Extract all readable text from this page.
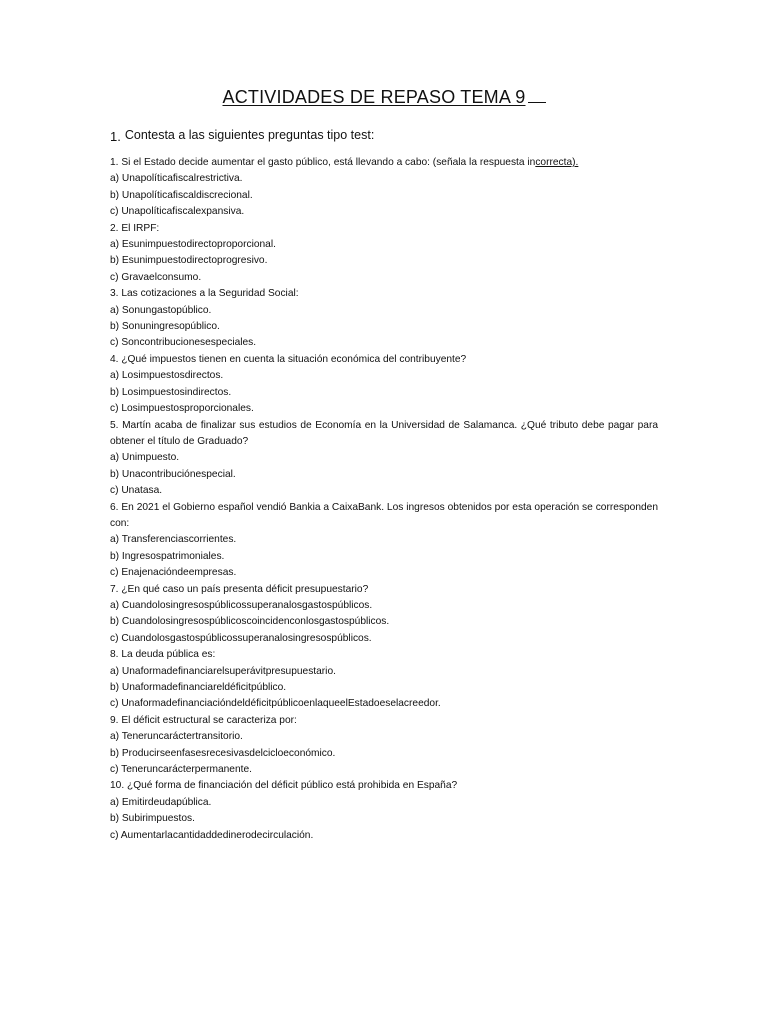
ACTIVIDADES DE REPASO TEMA 9
1. Contesta a las siguientes preguntas tipo test:
1. Si el Estado decide aumentar el gasto público, está llevando a cabo: (señala la respuesta incorrecta).
a) Unapolíticafiscalrestrictiva.
b) Unapolíticafiscaldiscrecional.
c) Unapolíticafiscalexpansiva.
2. El IRPF:
a) Esunimpuestodirectoproporcional.
b) Esunimpuestodirectoprogresivo.
c) Gravaelconsumo.
3. Las cotizaciones a la Seguridad Social:
a) Sonungastopúblico.
b) Sonuningresopúblico.
c) Soncontribucionesespeciales.
4. ¿Qué impuestos tienen en cuenta la situación económica del contribuyente?
a) Losimpuestosdirectos.
b) Losimpuestosindirectos.
c) Losimpuestosproporcionales.
5. Martín acaba de finalizar sus estudios de Economía en la Universidad de Salamanca. ¿Qué tributo debe pagar para obtener el título de Graduado?
a) Unimpuesto.
b) Unacontribuciónespecial.
c) Unatasa.
6. En 2021 el Gobierno español vendió Bankia a CaixaBank. Los ingresos obtenidos por esta operación se corresponden con:
a) Transferenciascorrientes.
b) Ingresospatrimoniales.
c) Enajenacióndeempresas.
7. ¿En qué caso un país presenta déficit presupuestario?
a) Cuandolosingresospúblicossuperanalosgastospúblicos.
b) Cuandolosingresospúblicoscoincidenconlosgastospúblicos.
c) Cuandolosgastospúblicossuperanalosingresospúblicos.
8. La deuda pública es:
a) Unaformadefinanciarelsuperávitpresupuestario.
b) Unaformadefinanciareldéficitpúblico.
c) UnaformadefinanciacióndeldéficitpúblicoenlaqueelEstadoeselacreedor.
9. El déficit estructural se caracteriza por:
a) Teneruncaráctertransitorio.
b) Producirseenfasesrecesivasdelcicloeconómico.
c) Teneruncarácterpermanente.
10. ¿Qué forma de financiación del déficit público está prohibida en España?
a) Emitirdeudapública.
b) Subirimpuestos.
c) Aumentarlacantidaddedinerodecirculación.
